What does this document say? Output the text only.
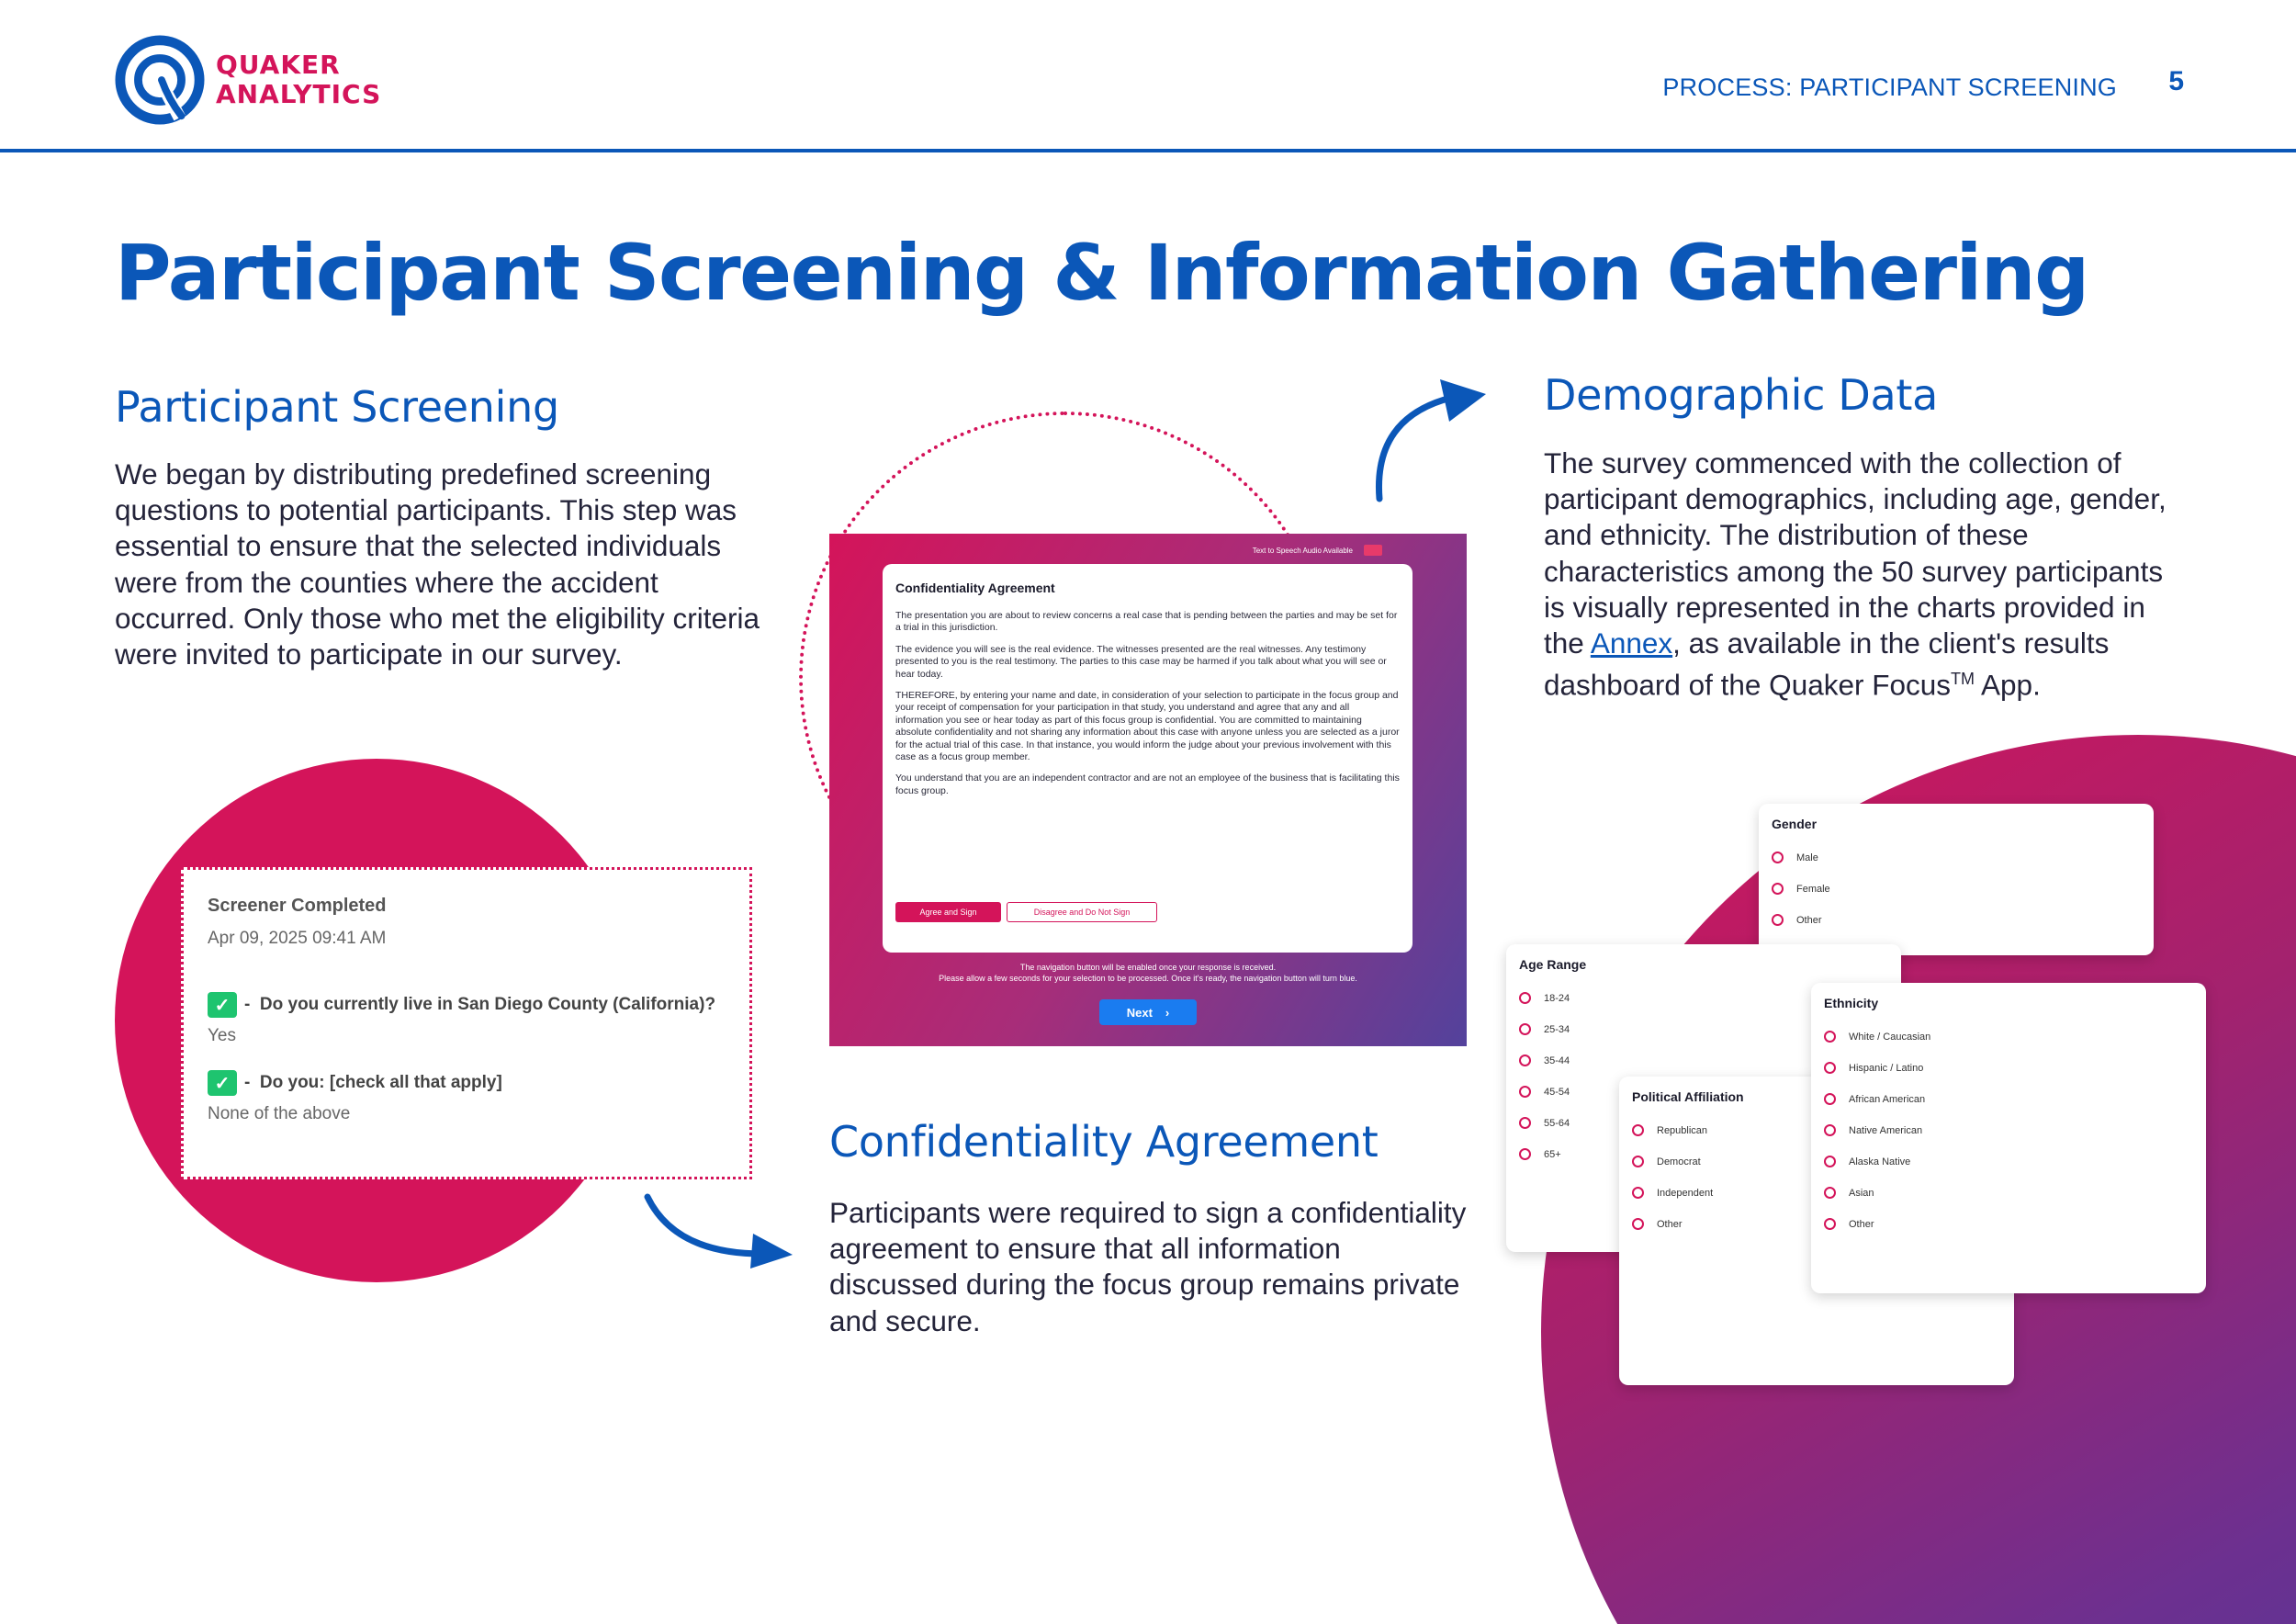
QUAKER
ANALYTICS	PROCESS: PARTICIPANT SCREENING 5
Participant Screening & Information Gathering
Participant Screening
We began by distributing predefined screening questions to potential participants. This step was essential to ensure that the selected individuals were from the counties where the accident occurred. Only those who met the eligibility criteria were invited to participate in our survey.
Screener Completed
Apr 09, 2025 09:41 AM
✓ - Do you currently live in San Diego County (California)?
Yes
✓ - Do you: [check all that apply]
None of the above
Text to Speech Audio Available
Confidentiality Agreement
The presentation you are about to review concerns a real case that is pending between the parties and may be set for a trial in this jurisdiction.
The evidence you will see is the real evidence. The witnesses presented are the real witnesses. Any testimony presented to you is the real testimony. The parties to this case may be harmed if you talk about what you will see or hear today.
THEREFORE, by entering your name and date, in consideration of your selection to participate in the focus group and your receipt of compensation for your participation in that study, you understand and agree that any and all information you see or hear today as part of this focus group is confidential. You are committed to maintaining absolute confidentiality and not sharing any information about this case with anyone unless you are selected as a juror for the actual trial of this case. In that instance, you would inform the judge about your previous involvement with this case as a focus group member.
You understand that you are an independent contractor and are not an employee of the business that is facilitating this focus group.
Agree and Sign	Disagree and Do Not Sign
The navigation button will be enabled once your response is received.
Please allow a few seconds for your selection to be processed. Once it's ready, the navigation button will turn blue.
Next ›
Confidentiality Agreement
Participants were required to sign a confidentiality agreement to ensure that all information discussed during the focus group remains private and secure.
Demographic Data
The survey commenced with the collection of participant demographics, including age, gender, and ethnicity. The distribution of these characteristics among the 50 survey participants is visually represented in the charts provided in the Annex, as available in the client's results dashboard of the Quaker Focus™ App.
Gender
Male
Female
Other
Age Range
18-24
25-34
35-44
45-54
55-64
65+
Political Affiliation
Republican
Democrat
Independent
Other
Ethnicity
White / Caucasian
Hispanic / Latino
African American
Native American
Alaska Native
Asian
Other
